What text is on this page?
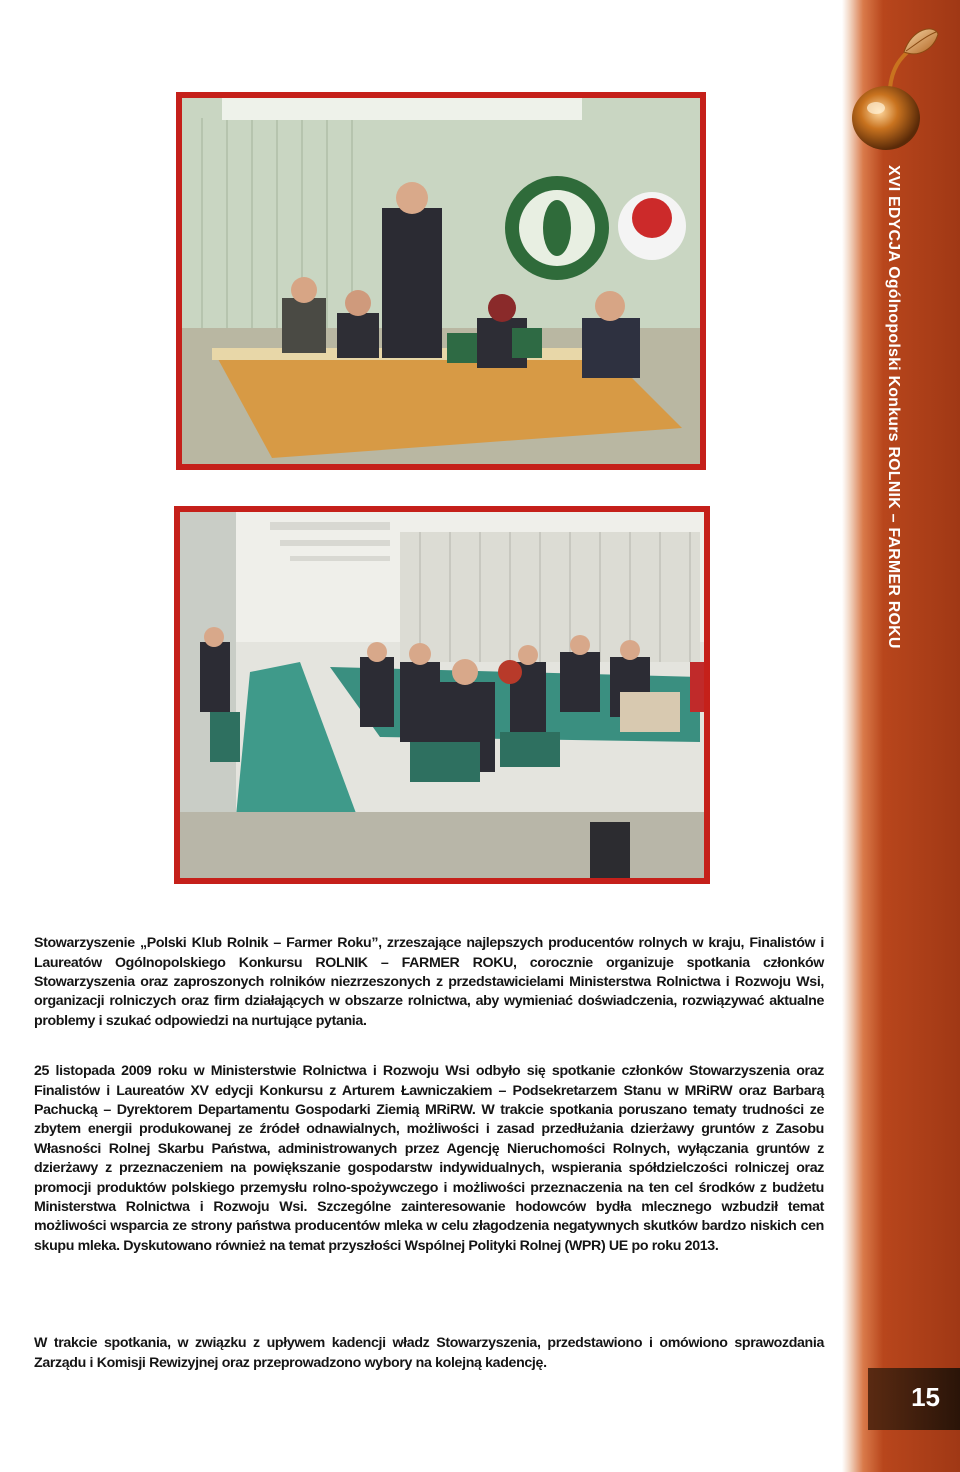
XVI EDYCJA Ogólnopolski Konkurs ROLNIK – FARMER ROKU
15

Stowarzyszenie „Polski Klub Rolnik – Farmer Roku”, zrzeszające najlepszych producentów rolnych w kraju, Finalistów i Laureatów Ogólnopolskiego Konkursu ROLNIK – FARMER ROKU, corocznie organizuje spotkania członków Stowarzyszenia oraz zaproszonych rolników niezrzeszonych z przedstawicielami Ministerstwa Rolnictwa i Rozwoju Wsi, organizacji rolniczych oraz firm działających w obszarze rolnictwa, aby wymieniać doświadczenia, rozwiązywać aktualne problemy i szukać odpowiedzi na nurtujące pytania.

25 listopada 2009 roku w Ministerstwie Rolnictwa i Rozwoju Wsi odbyło się spotkanie członków Stowarzyszenia oraz Finalistów i Laureatów XV edycji Konkursu z Arturem Ławniczakiem – Podsekretarzem Stanu w MRiRW oraz Barbarą Pachucką – Dyrektorem Departamentu Gospodarki Ziemią MRiRW. W trakcie spotkania poruszano tematy trudności ze zbytem energii produkowanej ze źródeł odnawialnych, możliwości i zasad przedłużania dzierżawy gruntów z Zasobu Własności Rolnej Skarbu Państwa, administrowanych przez Agencję Nieruchomości Rolnych, wyłączania gruntów z dzierżawy z przeznaczeniem na powiększanie gospodarstw indywidualnych, wspierania spółdzielczości rolniczej oraz promocji produktów polskiego przemysłu rolno-spożywczego i możliwości przeznaczenia na ten cel środków z budżetu Ministerstwa Rolnictwa i Rozwoju Wsi. Szczególne zainteresowanie hodowców bydła mlecznego wzbudził temat możliwości wsparcia ze strony państwa producentów mleka w celu złagodzenia negatywnych skutków bardzo niskich cen skupu mleka. Dyskutowano również na temat przyszłości Wspólnej Polityki Rolnej (WPR) UE po roku 2013.

W trakcie spotkania, w związku z upływem kadencji władz Stowarzyszenia, przedstawiono i omówiono sprawozdania Zarządu i Komisji Rewizyjnej oraz przeprowadzono wybory na kolejną kadencję.
